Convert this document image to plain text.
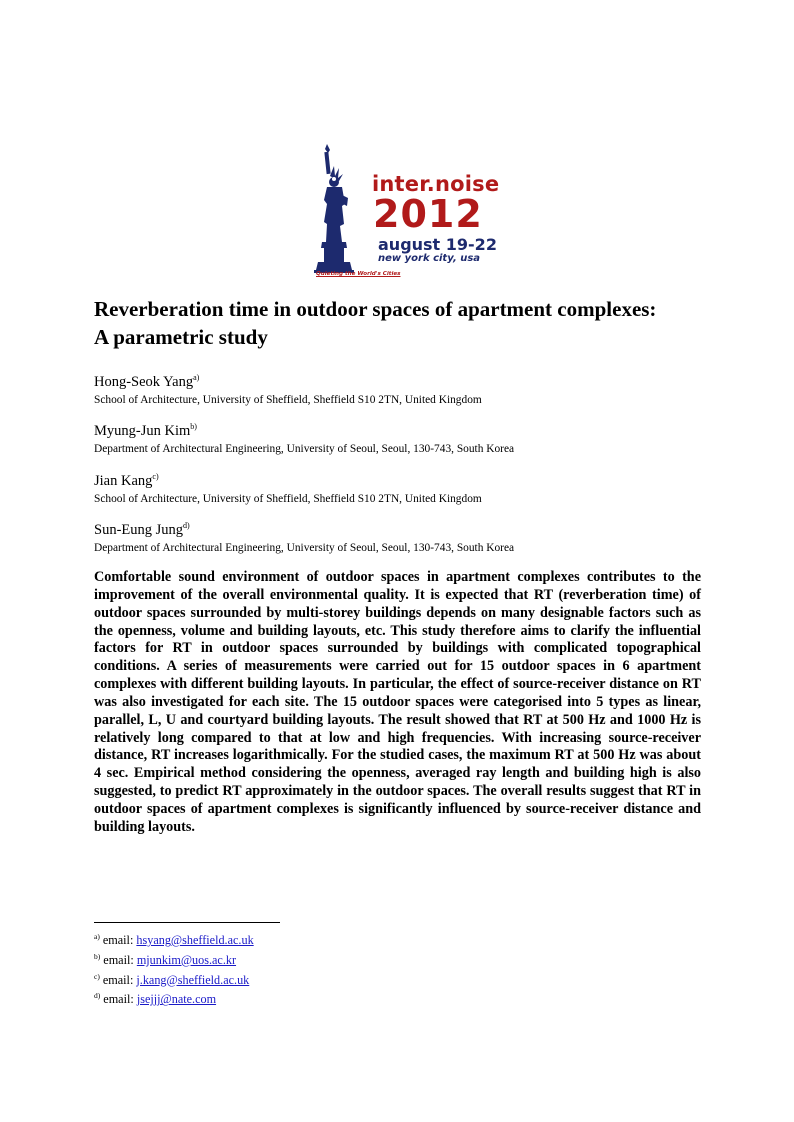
inter.noise
2012
august 19-22
new york city, usa
Quieting the World's Cities
Reverberation time in outdoor spaces of apartment complexes:
A parametric study
Hong-Seok Yang$^{a)}$
School of Architecture, University of Sheffield, Sheffield S10 2TN, United Kingdom
Myung-Jun Kim$^{b)}$
Department of Architectural Engineering, University of Seoul, Seoul, 130-743, South Korea
Jian Kang$^{c)}$
School of Architecture, University of Sheffield, Sheffield S10 2TN, United Kingdom
Sun-Eung Jung$^{d)}$
Department of Architectural Engineering, University of Seoul, Seoul, 130-743, South Korea

Comfortable sound environment of outdoor spaces in apartment complexes contributes to the improvement of the overall environmental quality. It is expected that RT (reverberation time) of outdoor spaces surrounded by multi-storey buildings depends on many designable factors such as the openness, volume and building layouts, etc. This study therefore aims to clarify the influential factors for RT in outdoor spaces surrounded by buildings with complicated topographical conditions. A series of measurements were carried out for 15 outdoor spaces in 6 apartment complexes with different building layouts. In particular, the effect of source-receiver distance on RT was also investigated for each site. The 15 outdoor spaces were categorised into 5 types as linear, parallel, L, U and courtyard building layouts. The result showed that RT at 500 Hz and 1000 Hz is relatively long compared to that at low and high frequencies. With increasing source-receiver distance, RT increases logarithmically. For the studied cases, the maximum RT at 500 Hz was about 4 sec. Empirical method considering the openness, averaged ray length and building high is also suggested, to predict RT approximately in the outdoor spaces. The overall results suggest that RT in outdoor spaces of apartment complexes is significantly influenced by source-receiver distance and building layouts.

$^{a)}$ email: hsyang@sheffield.ac.uk
$^{b)}$ email: mjunkim@uos.ac.kr
$^{c)}$ email: j.kang@sheffield.ac.uk
$^{d)}$ email: jsejjj@nate.com
